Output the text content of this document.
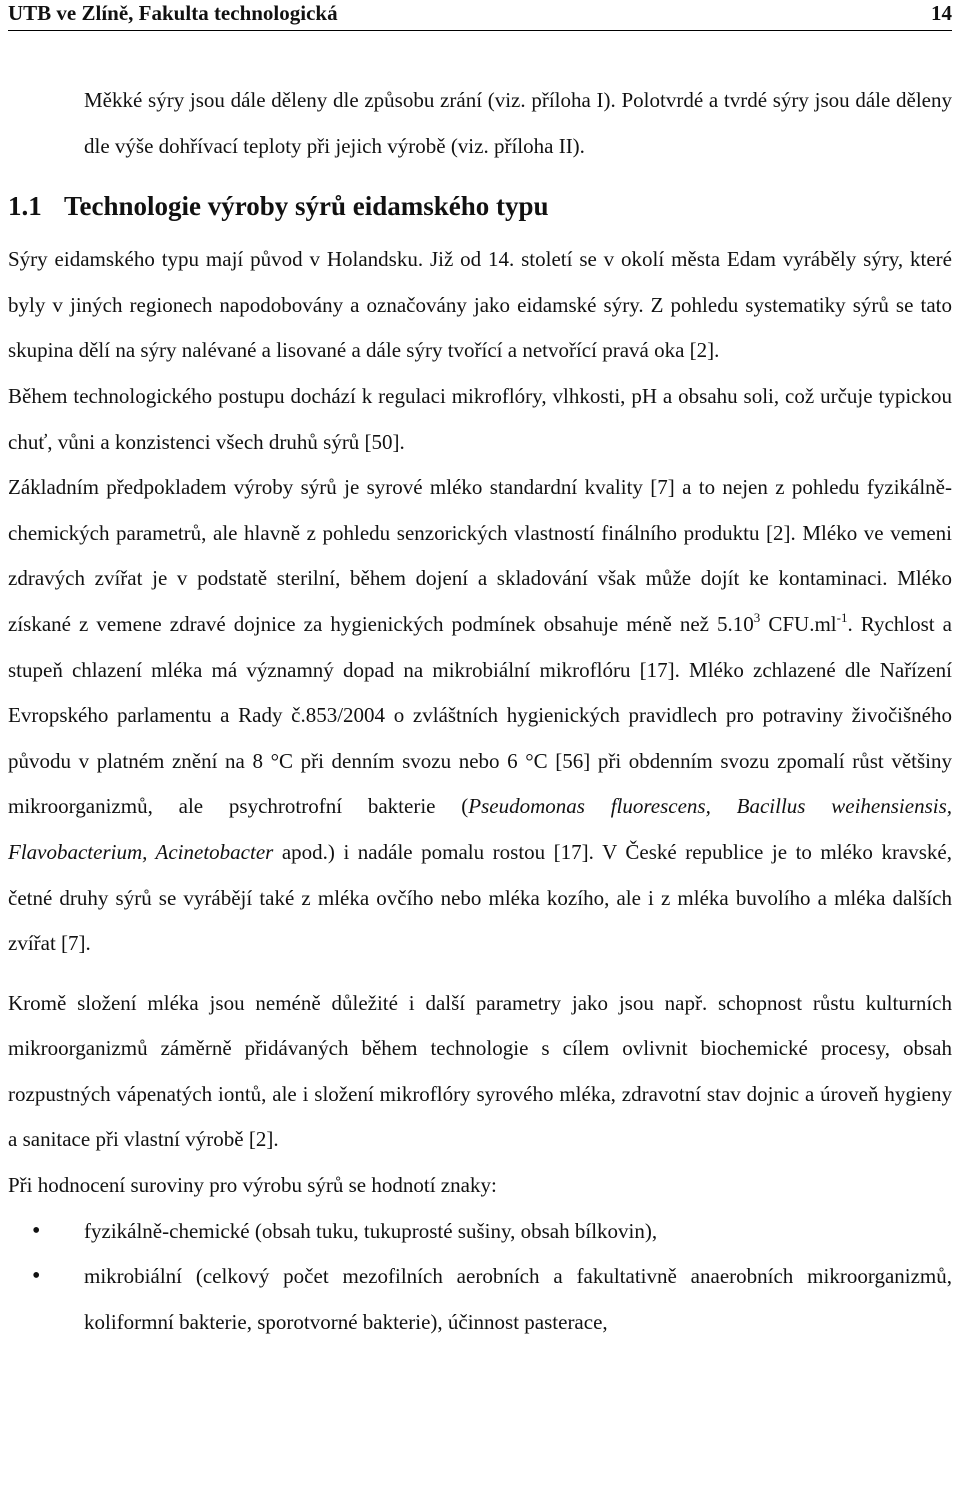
UTB ve Zlíně, Fakulta technologická	14

Měkké sýry jsou dále děleny dle způsobu zrání (viz. příloha I). Polotvrdé a tvrdé sýry jsou dále děleny dle výše dohřívací teploty při jejich výrobě (viz. příloha II).

1.1 Technologie výroby sýrů eidamského typu

Sýry eidamského typu mají původ v Holandsku. Již od 14. století se v okolí města Edam vyráběly sýry, které byly v jiných regionech napodobovány a označovány jako eidamské sýry. Z pohledu systematiky sýrů se tato skupina dělí na sýry nalévané a lisované a dále sýry tvořící a netvořící pravá oka [2].

Během technologického postupu dochází k regulaci mikroflóry, vlhkosti, pH a obsahu soli, což určuje typickou chuť, vůni a konzistenci všech druhů sýrů [50].

Základním předpokladem výroby sýrů je syrové mléko standardní kvality [7] a to nejen z pohledu fyzikálně-chemických parametrů, ale hlavně z pohledu senzorických vlastností finálního produktu [2]. Mléko ve vemeni zdravých zvířat je v podstatě sterilní, během dojení a skladování však může dojít ke kontaminaci. Mléko získané z vemene zdravé dojnice za hygienických podmínek obsahuje méně než 5.10$^3$ $CFU.ml^{-1}$. Rychlost a stupeň chlazení mléka má významný dopad na mikrobiální mikroflóru [17]. Mléko zchlazené dle Nařízení Evropského parlamentu a Rady č.853/2004 o zvláštních hygienických pravidlech pro potraviny živočišného původu v platném znění na 8 °C při denním svozu nebo 6 °C [56] při obdenním svozu zpomalí růst většiny mikroorganizmů, ale psychrotrofní bakterie (Pseudomonas fluorescens, Bacillus weihensiensis, Flavobacterium, Acinetobacter apod.) i nadále pomalu rostou [17]. V České republice je to mléko kravské, četné druhy sýrů se vyrábějí také z mléka ovčího nebo mléka kozího, ale i z mléka buvolího a mléka dalších zvířat [7].

Kromě složení mléka jsou neméně důležité i další parametry jako jsou např. schopnost růstu kulturních mikroorganizmů záměrně přidávaných během technologie s cílem ovlivnit biochemické procesy, obsah rozpustných vápenatých iontů, ale i složení mikroflóry syrového mléka, zdravotní stav dojnic a úroveň hygieny a sanitace při vlastní výrobě [2].

Při hodnocení suroviny pro výrobu sýrů se hodnotí znaky:

• fyzikálně-chemické (obsah tuku, tukuprosté sušiny, obsah bílkovin),
• mikrobiální (celkový počet mezofilních aerobních a fakultativně anaerobních mikroorganizmů, koliformní bakterie, sporotvorné bakterie), účinnost pasterace,
